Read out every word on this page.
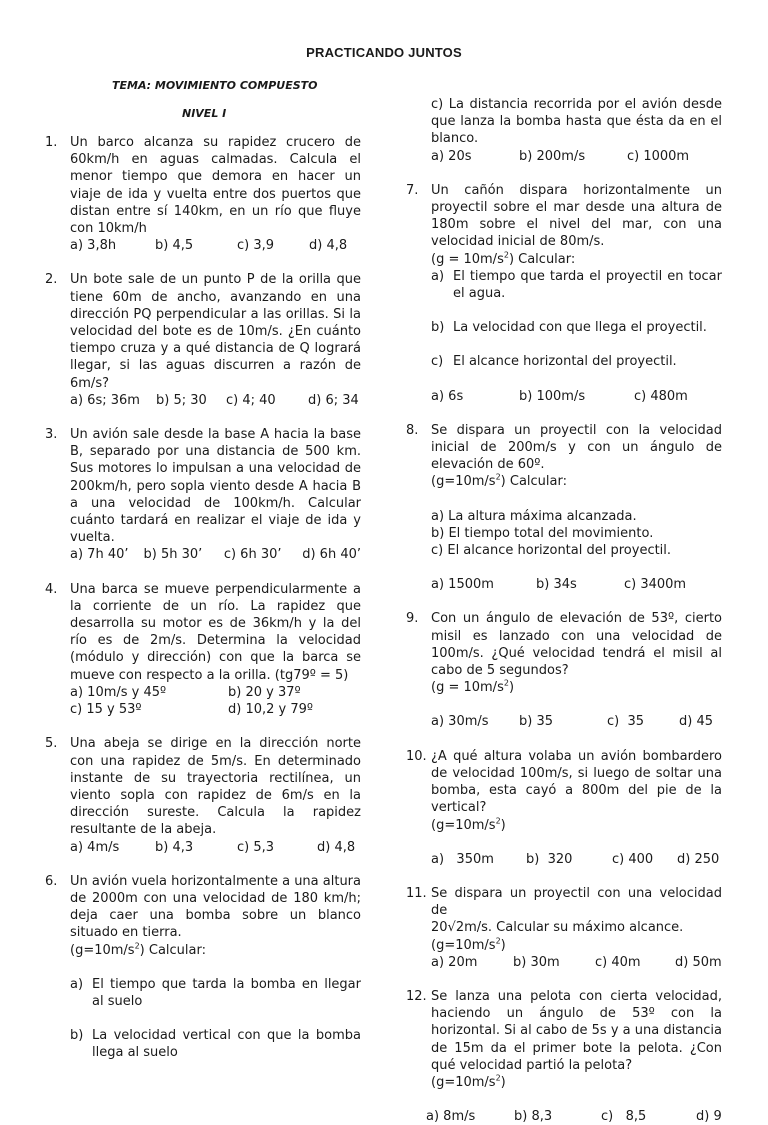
PRACTICANDO JUNTOS
TEMA: MOVIMIENTO COMPUESTO
NIVEL I
1. Un barco alcanza su rapidez crucero de 60km/h en aguas calmadas. Calcula el menor tiempo que demora en hacer un viaje de ida y vuelta entre dos puertos que distan entre sí 140km, en un río que fluye con 10km/h
a) 3,8h	b) 4,5	c) 3,9	d) 4,8
2. Un bote sale de un punto P de la orilla que tiene 60m de ancho, avanzando en una dirección PQ perpendicular a las orillas. Si la velocidad del bote es de 10m/s. ¿En cuánto tiempo cruza y a qué distancia de Q logrará llegar, si las aguas discurren a razón de 6m/s?
a) 6s; 36m	b) 5; 30	c) 4; 40	d) 6; 34
3. Un avión sale desde la base A hacia la base B, separado por una distancia de 500 km. Sus motores lo impulsan a una velocidad de 200km/h, pero sopla viento desde A hacia B a una velocidad de 100km/h. Calcular cuánto tardará en realizar el viaje de ida y vuelta.
a) 7h 40’	b) 5h 30’	c) 6h 30’	d) 6h 40’
4. Una barca se mueve perpendicularmente a la corriente de un río. La rapidez que desarrolla su motor es de 36km/h y la del río es de 2m/s. Determina la velocidad (módulo y dirección) con que la barca se mueve con respecto a la orilla. (tg79º = 5)
a) 10m/s y 45º	b) 20 y 37º
c) 15 y 53º	d) 10,2 y 79º
5. Una abeja se dirige en la dirección norte con una rapidez de 5m/s. En determinado instante de su trayectoria rectilínea, un viento sopla con rapidez de 6m/s en la dirección sureste. Calcula la rapidez resultante de la abeja.
a) 4m/s	b) 4,3	c) 5,3	d) 4,8
6. Un avión vuela horizontalmente a una altura de 2000m con una velocidad de 180 km/h; deja caer una bomba sobre un blanco situado en tierra.
$(g=10m/s^2)$ Calcular:
a) El tiempo que tarda la bomba en llegar al suelo
b) La velocidad vertical con que la bomba llega al suelo
c) La distancia recorrida por el avión desde que lanza la bomba hasta que ésta da en el blanco.
a) 20s	b) 200m/s	c) 1000m
7. Un cañón dispara horizontalmente un proyectil sobre el mar desde una altura de 180m sobre el nivel del mar, con una velocidad inicial de 80m/s.
$(g = 10m/s^2)$ Calcular:
a) El tiempo que tarda el proyectil en tocar el agua.
b) La velocidad con que llega el proyectil.
c) El alcance horizontal del proyectil.
a) 6s	b) 100m/s	c) 480m
8. Se dispara un proyectil con la velocidad inicial de 200m/s y con un ángulo de elevación de 60º.
$(g=10m/s^2)$ Calcular:
a) La altura máxima alcanzada.
b) El tiempo total del movimiento.
c) El alcance horizontal del proyectil.
a) 1500m	b) 34s	c) 3400m
9. Con un ángulo de elevación de 53º, cierto misil es lanzado con una velocidad de 100m/s. ¿Qué velocidad tendrá el misil al cabo de 5 segundos?
$(g = 10m/s^2)$
a) 30m/s	b) 35	c)  35	d) 45
10. ¿A qué altura volaba un avión bombardero de velocidad 100m/s, si luego de soltar una bomba, esta cayó a 800m del pie de la vertical?
$(g=10m/s^2)$
a)   350m	b)  320	c) 400	d) 250
11. Se dispara un proyectil con una velocidad de
20√2m/s. Calcular su máximo alcance. $(g=10m/s^2)$
a) 20m	b) 30m	c) 40m	d) 50m
12. Se lanza una pelota con cierta velocidad, haciendo un ángulo de 53º con la horizontal. Si al cabo de 5s y a una distancia de 15m da el primer bote la pelota. ¿Con qué velocidad partió la pelota?
$(g=10m/s^2)$
a) 8m/s	b) 8,3	c)   8,5	d) 9
